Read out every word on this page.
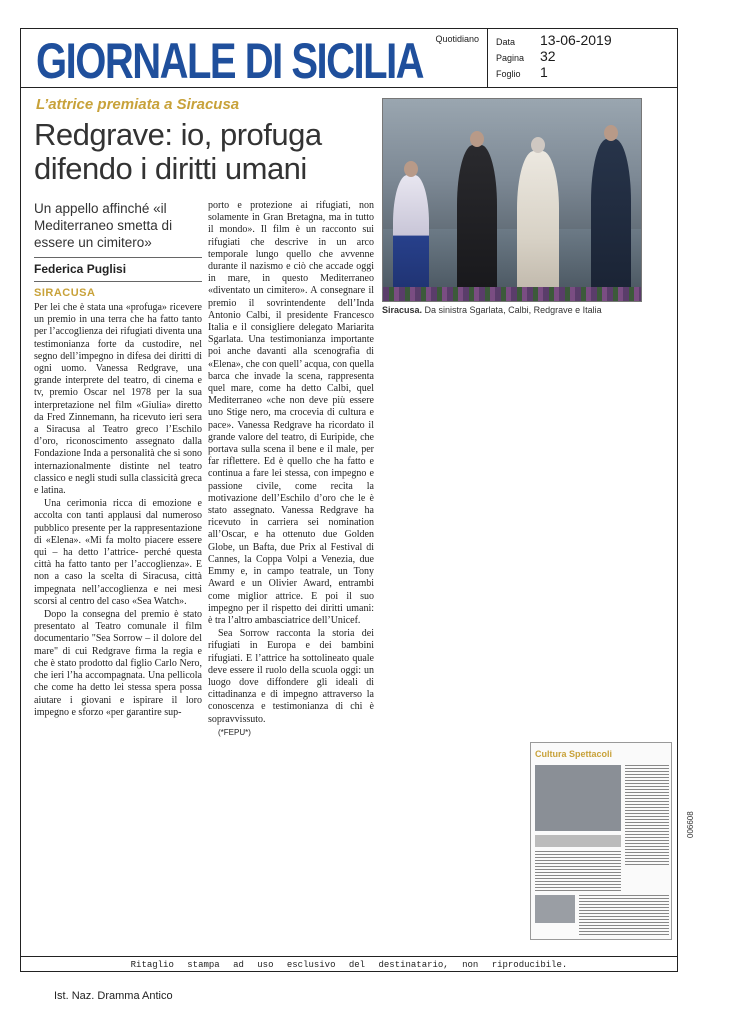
GIORNALE DI SICILIA Quotidiano Data 13-06-2019
Pagina 32
Foglio 1
L’attrice premiata a Siracusa
Redgrave: io, profuga difendo i diritti umani
Un appello affinché «il Mediterraneo smetta di essere un cimitero»
Federica Puglisi
SIRACUSA

Per lei che è stata una «profuga» ricevere un premio in una terra che ha fatto tanto per l’accoglienza dei rifugiati diventa una testimonianza forte da custodire, nel segno dell’impegno in difesa dei diritti di ogni uomo. Vanessa Redgrave, una grande interprete del teatro, di cinema e tv, premio Oscar nel 1978 per la sua interpretazione nel film «Giulia» diretto da Fred Zinnemann, ha ricevuto ieri sera a Siracusa al Teatro greco l’Eschilo d’oro, riconoscimento assegnato dalla Fondazione Inda a personalità che si sono internazionalmente distinte nel teatro classico e negli studi sulla classicità greca e latina.

Una cerimonia ricca di emozione e accolta con tanti applausi dal numeroso pubblico presente per la rappresentazione di «Elena». «Mi fa molto piacere essere qui – ha detto l’attrice- perché questa città ha fatto tanto per l’accoglienza». E non a caso la scelta di Siracusa, città impegnata nell’accoglienza e nei mesi scorsi al centro del caso «Sea Watch».

Dopo la consegna del premio è stato presentato al Teatro comunale il film documentario "Sea Sorrow – il dolore del mare" di cui Redgrave firma la regia e che è stato prodotto dal figlio Carlo Nero, che ieri l’ha accompagnata. Una pellicola che come ha detto lei stessa spera possa aiutare i giovani e ispirare il loro impegno e sforzo «per garantire sup-

porto e protezione ai rifugiati, non solamente in Gran Bretagna, ma in tutto il mondo». Il film è un racconto sui rifugiati che descrive in un arco temporale lungo quello che avvenne durante il nazismo e ciò che accade oggi in mare, in questo Mediterraneo «diventato un cimitero». A consegnare il premio il sovrintendente dell’Inda Antonio Calbi, il presidente Francesco Italia e il consigliere delegato Mariarita Sgarlata. Una testimonianza importante poi anche davanti alla scenografia di «Elena», che con quell’ acqua, con quella barca che invade la scena, rappresenta quel mare, come ha detto Calbi, quel Mediterraneo «che non deve più essere uno Stige nero, ma crocevia di cultura e pace». Vanessa Redgrave ha ricordato il grande valore del teatro, di Euripide, che portava sulla scena il bene e il male, per far riflettere. Ed è quello che ha fatto e continua a fare lei stessa, con impegno e passione civile, come recita la motivazione dell’Eschilo d’oro che le è stato assegnato. Vanessa Redgrave ha ricevuto in carriera sei nomination all’Oscar, e ha ottenuto due Golden Globe, un Bafta, due Prix al Festival di Cannes, la Coppa Volpi a Venezia, due Emmy e, in campo teatrale, un Tony Award e un Olivier Award, entrambi come miglior attrice. E poi il suo impegno per il rispetto dei diritti umani: è tra l’altro ambasciatrice dell’Unicef.

Sea Sorrow racconta la storia dei rifugiati in Europa e dei bambini rifugiati. E l’attrice ha sottolineato quale deve essere il ruolo della scuola oggi: un luogo dove diffondere gli ideali di cittadinanza e di impegno attraverso la conoscenza e testimonianza di chi è sopravvissuto.

(*FEPU*)

Siracusa. Da sinistra Sgarlata, Calbi, Redgrave e Italia
Cultura Spettacoli
006608
Ritaglio stampa ad uso esclusivo del destinatario, non riproducibile.
Ist. Naz. Dramma Antico
